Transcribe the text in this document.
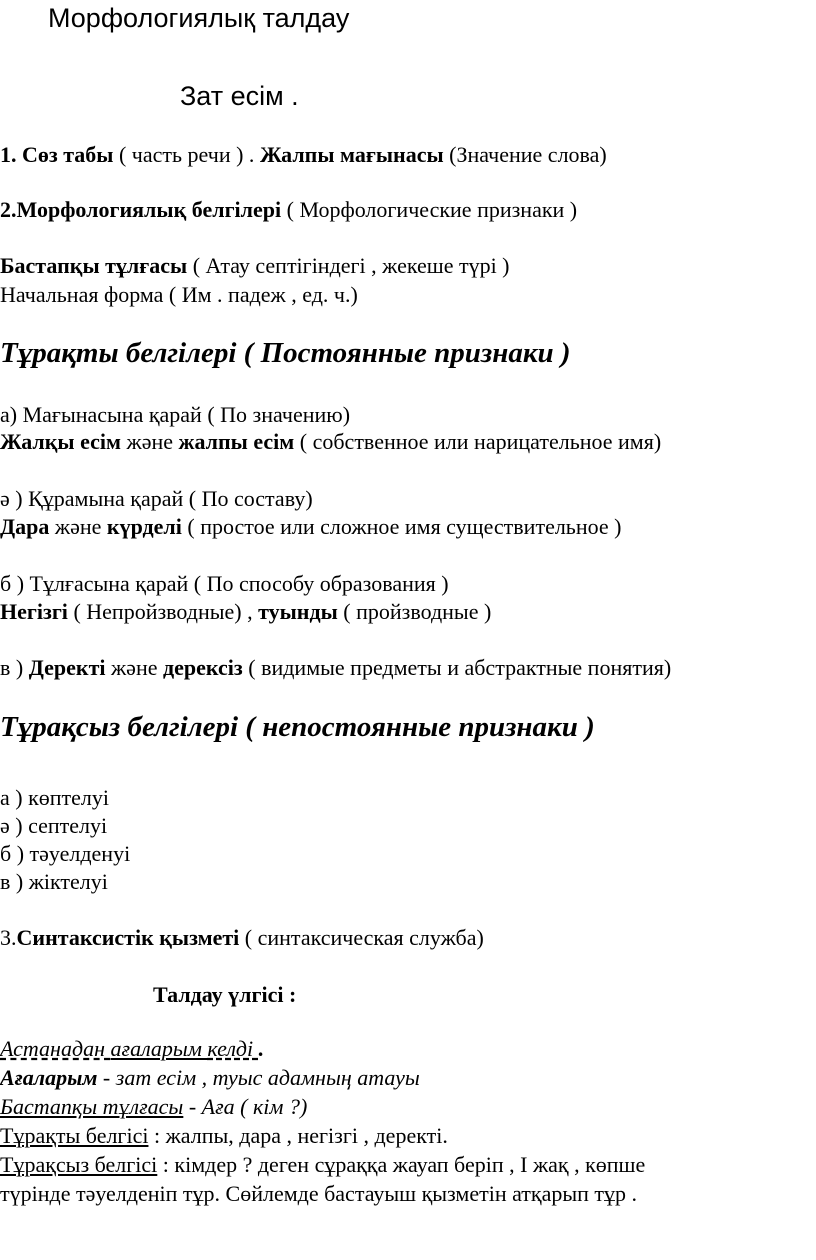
Морфологиялық талдау
Зат есім .
1. Сөз табы ( часть речи ) . Жалпы мағынасы (Значение слова)
2.Морфологиялық белгілері ( Морфологические признаки )
Бастапқы тұлғасы ( Атау септігіндегі , жекеше түрі )
Начальная форма ( Им . падеж , ед. ч.)
Тұрақты белгілері ( Постоянные признаки )
а) Мағынасына қарай ( По значению)
Жалқы есім және жалпы есім ( собственное или нарицательное имя)
ә ) Құрамына қарай ( По составу)
Дара және күрделі ( простое или сложное имя существительное )
б ) Тұлғасына қарай ( По способу образования )
Негізгі ( Непройзводные) , туынды ( пройзводные )
в ) Деректі және дерексіз ( видимые предметы и абстрактные понятия)
Тұрақсыз белгілері ( непостоянные признаки )
а ) көптелуі
ә ) септелуі
б ) тәуелденуі
в ) жіктелуі
3.Синтаксистік қызметі ( синтаксическая служба)
Талдау үлгісі :
Астанадан ағаларым келді .
Ағаларым - зат есім , туыс адамның атауы
Бастапқы тұлғасы - Аға ( кім ?)
Тұрақты белгісі : жалпы, дара , негізгі , деректі.
Тұрақсыз белгісі : кімдер ? деген сұраққа жауап беріп , І жақ , көпше
түрінде тәуелденіп тұр. Сөйлемде бастауыш қызметін атқарып тұр .
